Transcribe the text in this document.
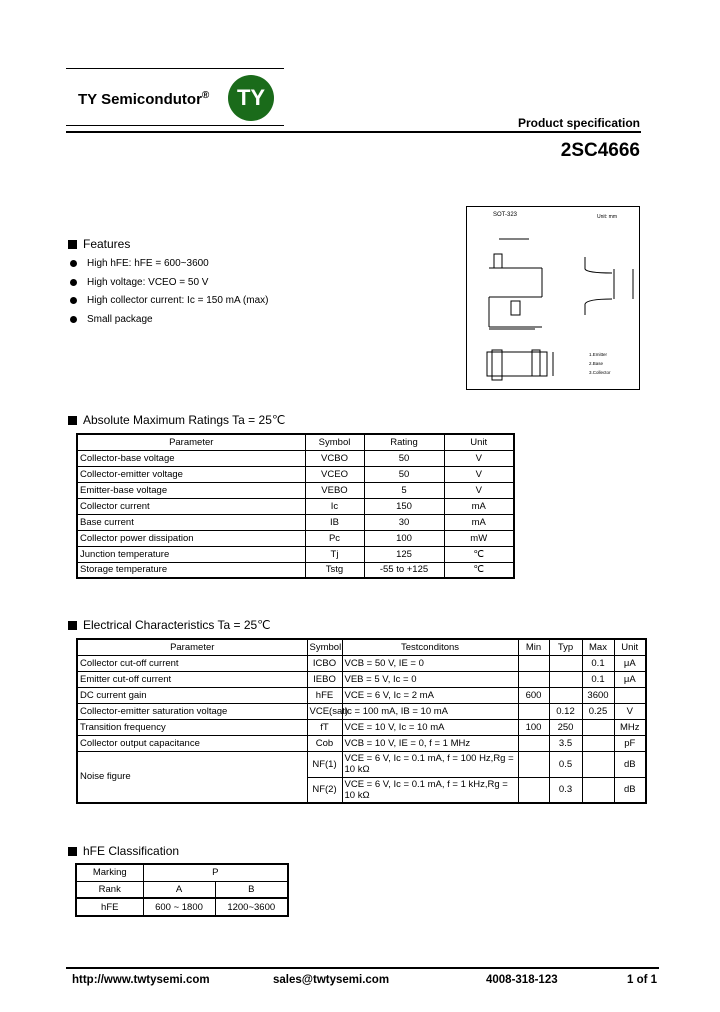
TY Semicondutor® TY
Product specification
2SC4666
SOT-323	Unit: mm
1.Emitter
2.Base
3.Collector
Features
High hFE: hFE = 600~3600
High voltage: VCEO = 50 V
High collector current: Ic = 150 mA (max)
Small package
Absolute Maximum Ratings Ta = 25℃
Parameter	Symbol	Rating	Unit
Collector-base voltage	VCBO	50	V
Collector-emitter voltage	VCEO	50	V
Emitter-base voltage	VEBO	5	V
Collector current	Ic	150	mA
Base current	IB	30	mA
Collector power dissipation	Pc	100	mW
Junction temperature	Tj	125	℃
Storage temperature	Tstg	-55 to +125	℃
Electrical Characteristics Ta = 25℃
Parameter	Symbol	Testconditons	Min	Typ	Max	Unit
Collector cut-off current	ICBO	VCB = 50 V, IE = 0			0.1	μA
Emitter cut-off current	IEBO	VEB = 5 V, Ic = 0			0.1	μA
DC current gain	hFE	VCE = 6 V, Ic = 2 mA	600		3600	
Collector-emitter saturation voltage	VCE(sat)	Ic = 100 mA, IB = 10 mA		0.12	0.25	V
Transition frequency	fT	VCE = 10 V, Ic = 10 mA	100	250		MHz
Collector output capacitance	Cob	VCB = 10 V, IE = 0, f = 1 MHz		3.5		pF
Noise figure	NF(1)	VCE = 6 V, Ic = 0.1 mA, f = 100 Hz,Rg = 10 kΩ		0.5		dB
	NF(2)	VCE = 6 V, Ic = 0.1 mA, f = 1 kHz,Rg = 10 kΩ		0.3		dB
hFE Classification
Marking	P	
Rank	A	B
hFE	600 ~ 1800	1200~3600
http://www.twtysemi.com	sales@twtysemi.com	4008-318-123	1 of 1
